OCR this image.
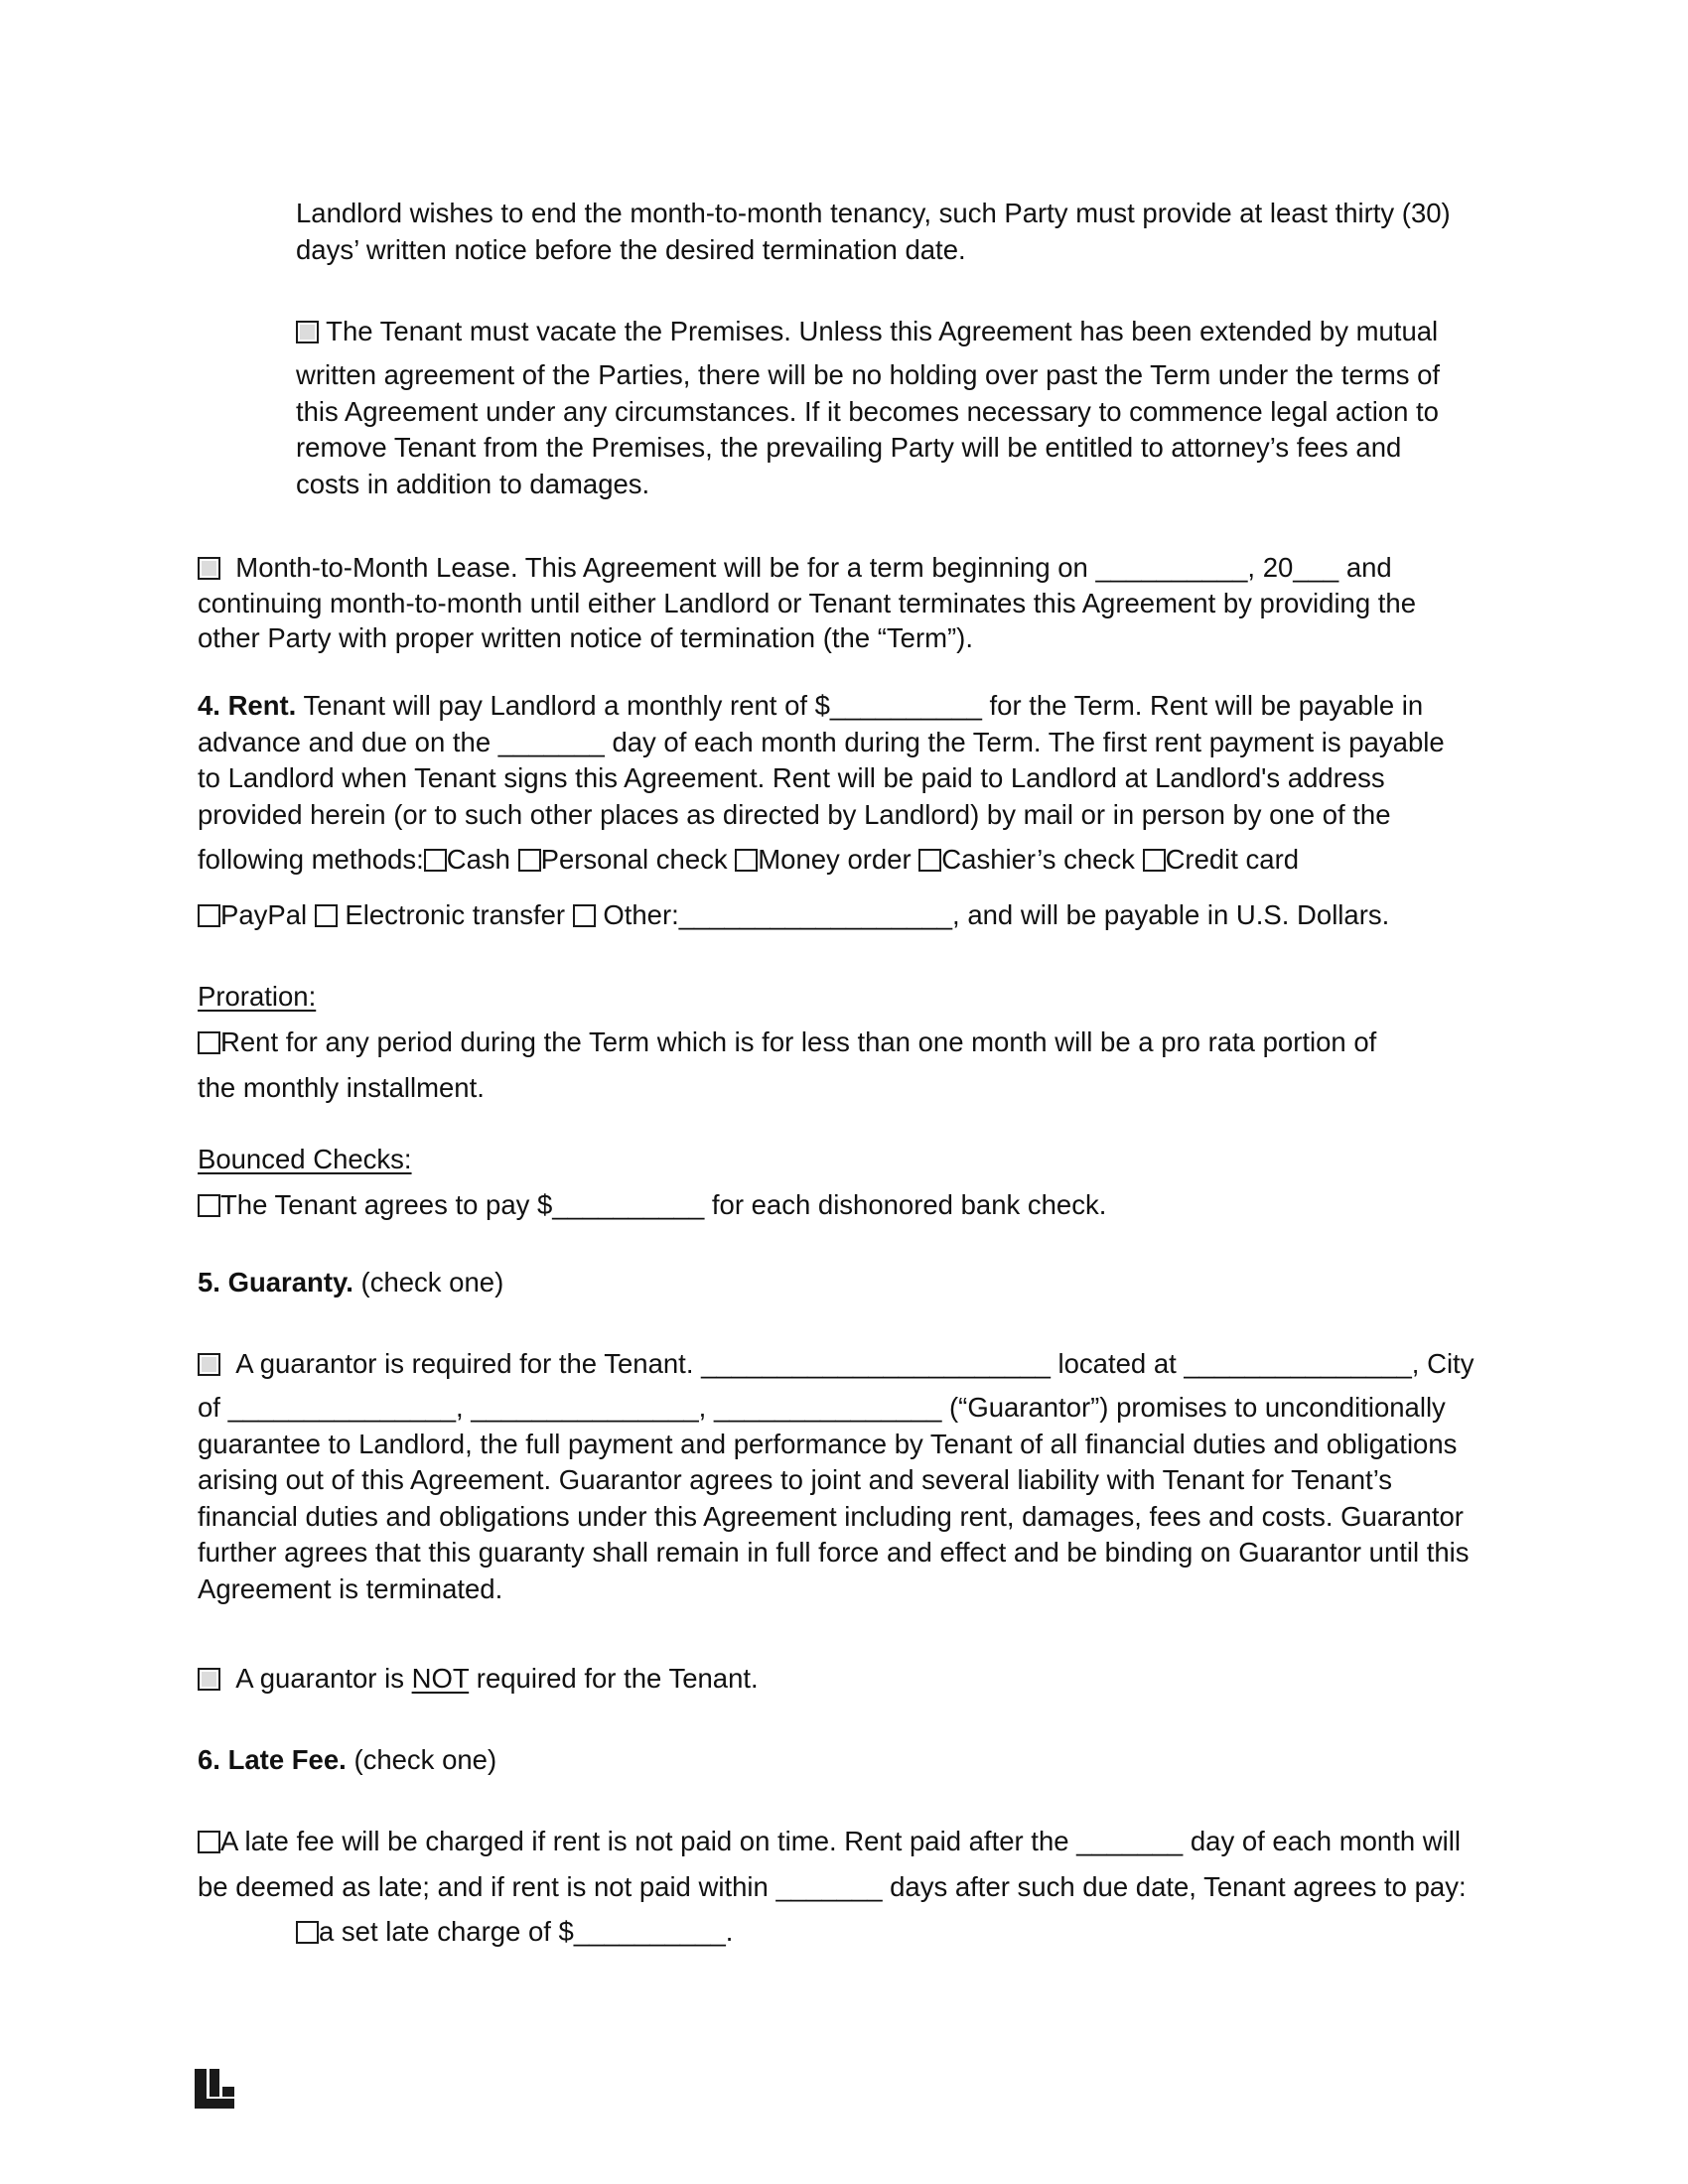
Landlord wishes to end the month-to-month tenancy, such Party must provide at least thirty (30)
days’ written notice before the desired termination date.
The Tenant must vacate the Premises. Unless this Agreement has been extended by mutual
written agreement of the Parties, there will be no holding over past the Term under the terms of
this Agreement under any circumstances. If it becomes necessary to commence legal action to
remove Tenant from the Premises, the prevailing Party will be entitled to attorney’s fees and
costs in addition to damages.
Month-to-Month Lease. This Agreement will be for a term beginning on __________, 20___ and
continuing month-to-month until either Landlord or Tenant terminates this Agreement by providing the
other Party with proper written notice of termination (the “Term”).
4. Rent. Tenant will pay Landlord a monthly rent of $__________ for the Term. Rent will be payable in
advance and due on the _______ day of each month during the Term. The first rent payment is payable
to Landlord when Tenant signs this Agreement. Rent will be paid to Landlord at Landlord's address
provided herein (or to such other places as directed by Landlord) by mail or in person by one of the
following methods: Cash Personal check Money order Cashier’s check Credit card
PayPal Electronic transfer Other:__________________, and will be payable in U.S. Dollars.
Proration:
Rent for any period during the Term which is for less than one month will be a pro rata portion of
the monthly installment.
Bounced Checks:
The Tenant agrees to pay $__________ for each dishonored bank check.
5. Guaranty. (check one)
A guarantor is required for the Tenant. _______________________ located at _______________, City
of _______________, _______________, _______________ (“Guarantor”) promises to unconditionally
guarantee to Landlord, the full payment and performance by Tenant of all financial duties and obligations
arising out of this Agreement. Guarantor agrees to joint and several liability with Tenant for Tenant’s
financial duties and obligations under this Agreement including rent, damages, fees and costs. Guarantor
further agrees that this guaranty shall remain in full force and effect and be binding on Guarantor until this
Agreement is terminated.
A guarantor is NOT required for the Tenant.
6. Late Fee. (check one)
A late fee will be charged if rent is not paid on time. Rent paid after the _______ day of each month will
be deemed as late; and if rent is not paid within _______ days after such due date, Tenant agrees to pay:
a set late charge of $__________.
